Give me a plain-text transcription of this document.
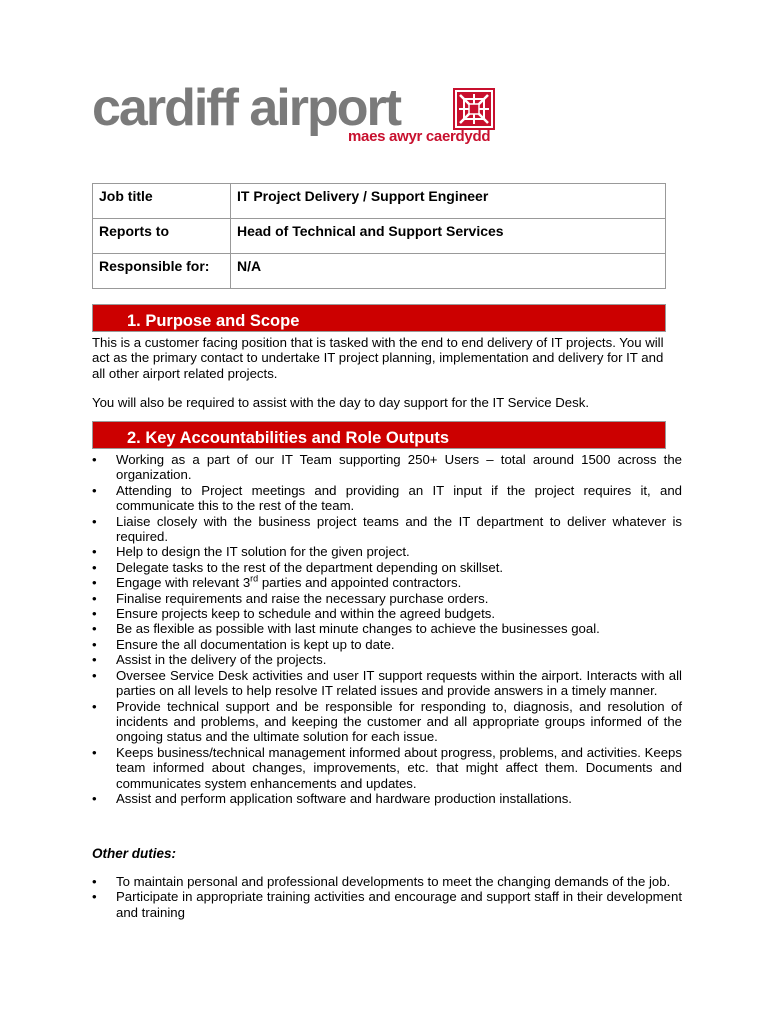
cardiff airport
maes awyr caerdydd
Job title	IT Project Delivery / Support Engineer
Reports to	Head of Technical and Support Services
Responsible for:	N/A
1. Purpose and Scope
This is a customer facing position that is tasked with the end to end delivery of IT projects. You will act as the primary contact to undertake IT project planning, implementation and delivery for IT and all other airport related projects.
You will also be required to assist with the day to day support for the IT Service Desk.
2. Key Accountabilities and Role Outputs
• Working as a part of our IT Team supporting 250+ Users – total around 1500 across the organization.
• Attending to Project meetings and providing an IT input if the project requires it, and communicate this to the rest of the team.
• Liaise closely with the business project teams and the IT department to deliver whatever is required.
• Help to design the IT solution for the given project.
• Delegate tasks to the rest of the department depending on skillset.
• Engage with relevant 3rd parties and appointed contractors.
• Finalise requirements and raise the necessary purchase orders.
• Ensure projects keep to schedule and within the agreed budgets.
• Be as flexible as possible with last minute changes to achieve the businesses goal.
• Ensure the all documentation is kept up to date.
• Assist in the delivery of the projects.
• Oversee Service Desk activities and user IT support requests within the airport. Interacts with all parties on all levels to help resolve IT related issues and provide answers in a timely manner.
• Provide technical support and be responsible for responding to, diagnosis, and resolution of incidents and problems, and keeping the customer and all appropriate groups informed of the ongoing status and the ultimate solution for each issue.
• Keeps business/technical management informed about progress, problems, and activities. Keeps team informed about changes, improvements, etc. that might affect them. Documents and communicates system enhancements and updates.
• Assist and perform application software and hardware production installations.
Other duties:
• To maintain personal and professional developments to meet the changing demands of the job.
• Participate in appropriate training activities and encourage and support staff in their development and training
